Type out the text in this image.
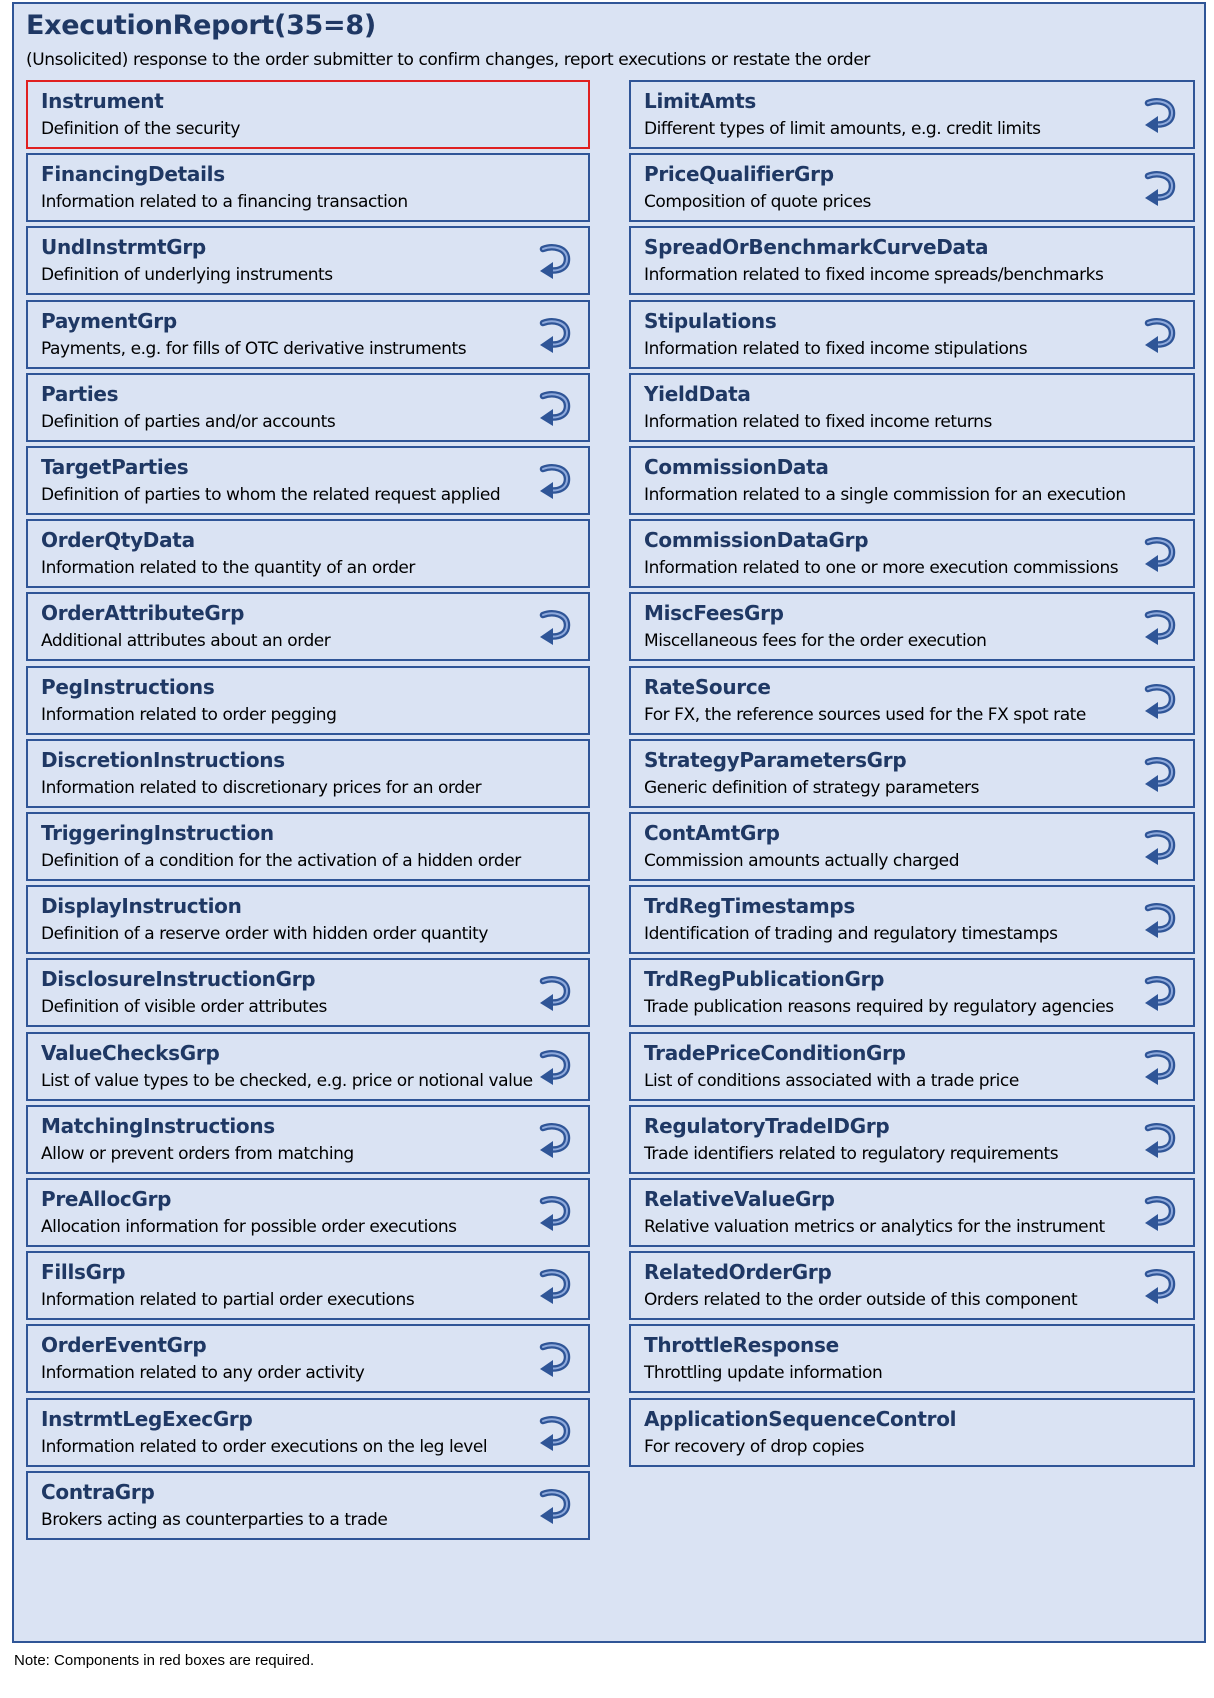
ExecutionReport(35=8)
(Unsolicited) response to the order submitter to confirm changes, report executions or restate the order
Instrument
Definition of the security
FinancingDetails
Information related to a financing transaction
UndInstrmtGrp
Definition of underlying instruments
PaymentGrp
Payments, e.g. for fills of OTC derivative instruments
Parties
Definition of parties and/or accounts
TargetParties
Definition of parties to whom the related request applied
OrderQtyData
Information related to the quantity of an order
OrderAttributeGrp
Additional attributes about an order
PegInstructions
Information related to order pegging
DiscretionInstructions
Information related to discretionary prices for an order
TriggeringInstruction
Definition of a condition for the activation of a hidden order
DisplayInstruction
Definition of a reserve order with hidden order quantity
DisclosureInstructionGrp
Definition of visible order attributes
ValueChecksGrp
List of value types to be checked, e.g. price or notional value
MatchingInstructions
Allow or prevent orders from matching
PreAllocGrp
Allocation information for possible order executions
FillsGrp
Information related to partial order executions
OrderEventGrp
Information related to any order activity
InstrmtLegExecGrp
Information related to order executions on the leg level
ContraGrp
Brokers acting as counterparties to a trade
LimitAmts
Different types of limit amounts, e.g. credit limits
PriceQualifierGrp
Composition of quote prices
SpreadOrBenchmarkCurveData
Information related to fixed income spreads/benchmarks
Stipulations
Information related to fixed income stipulations
YieldData
Information related to fixed income returns
CommissionData
Information related to a single commission for an execution
CommissionDataGrp
Information related to one or more execution commissions
MiscFeesGrp
Miscellaneous fees for the order execution
RateSource
For FX, the reference sources used for the FX spot rate
StrategyParametersGrp
Generic definition of strategy parameters
ContAmtGrp
Commission amounts actually charged
TrdRegTimestamps
Identification of trading and regulatory timestamps
TrdRegPublicationGrp
Trade publication reasons required by regulatory agencies
TradePriceConditionGrp
List of conditions associated with a trade price
RegulatoryTradeIDGrp
Trade identifiers related to regulatory requirements
RelativeValueGrp
Relative valuation metrics or analytics for the instrument
RelatedOrderGrp
Orders related to the order outside of this component
ThrottleResponse
Throttling update information
ApplicationSequenceControl
For recovery of drop copies
Note: Components in red boxes are required.
